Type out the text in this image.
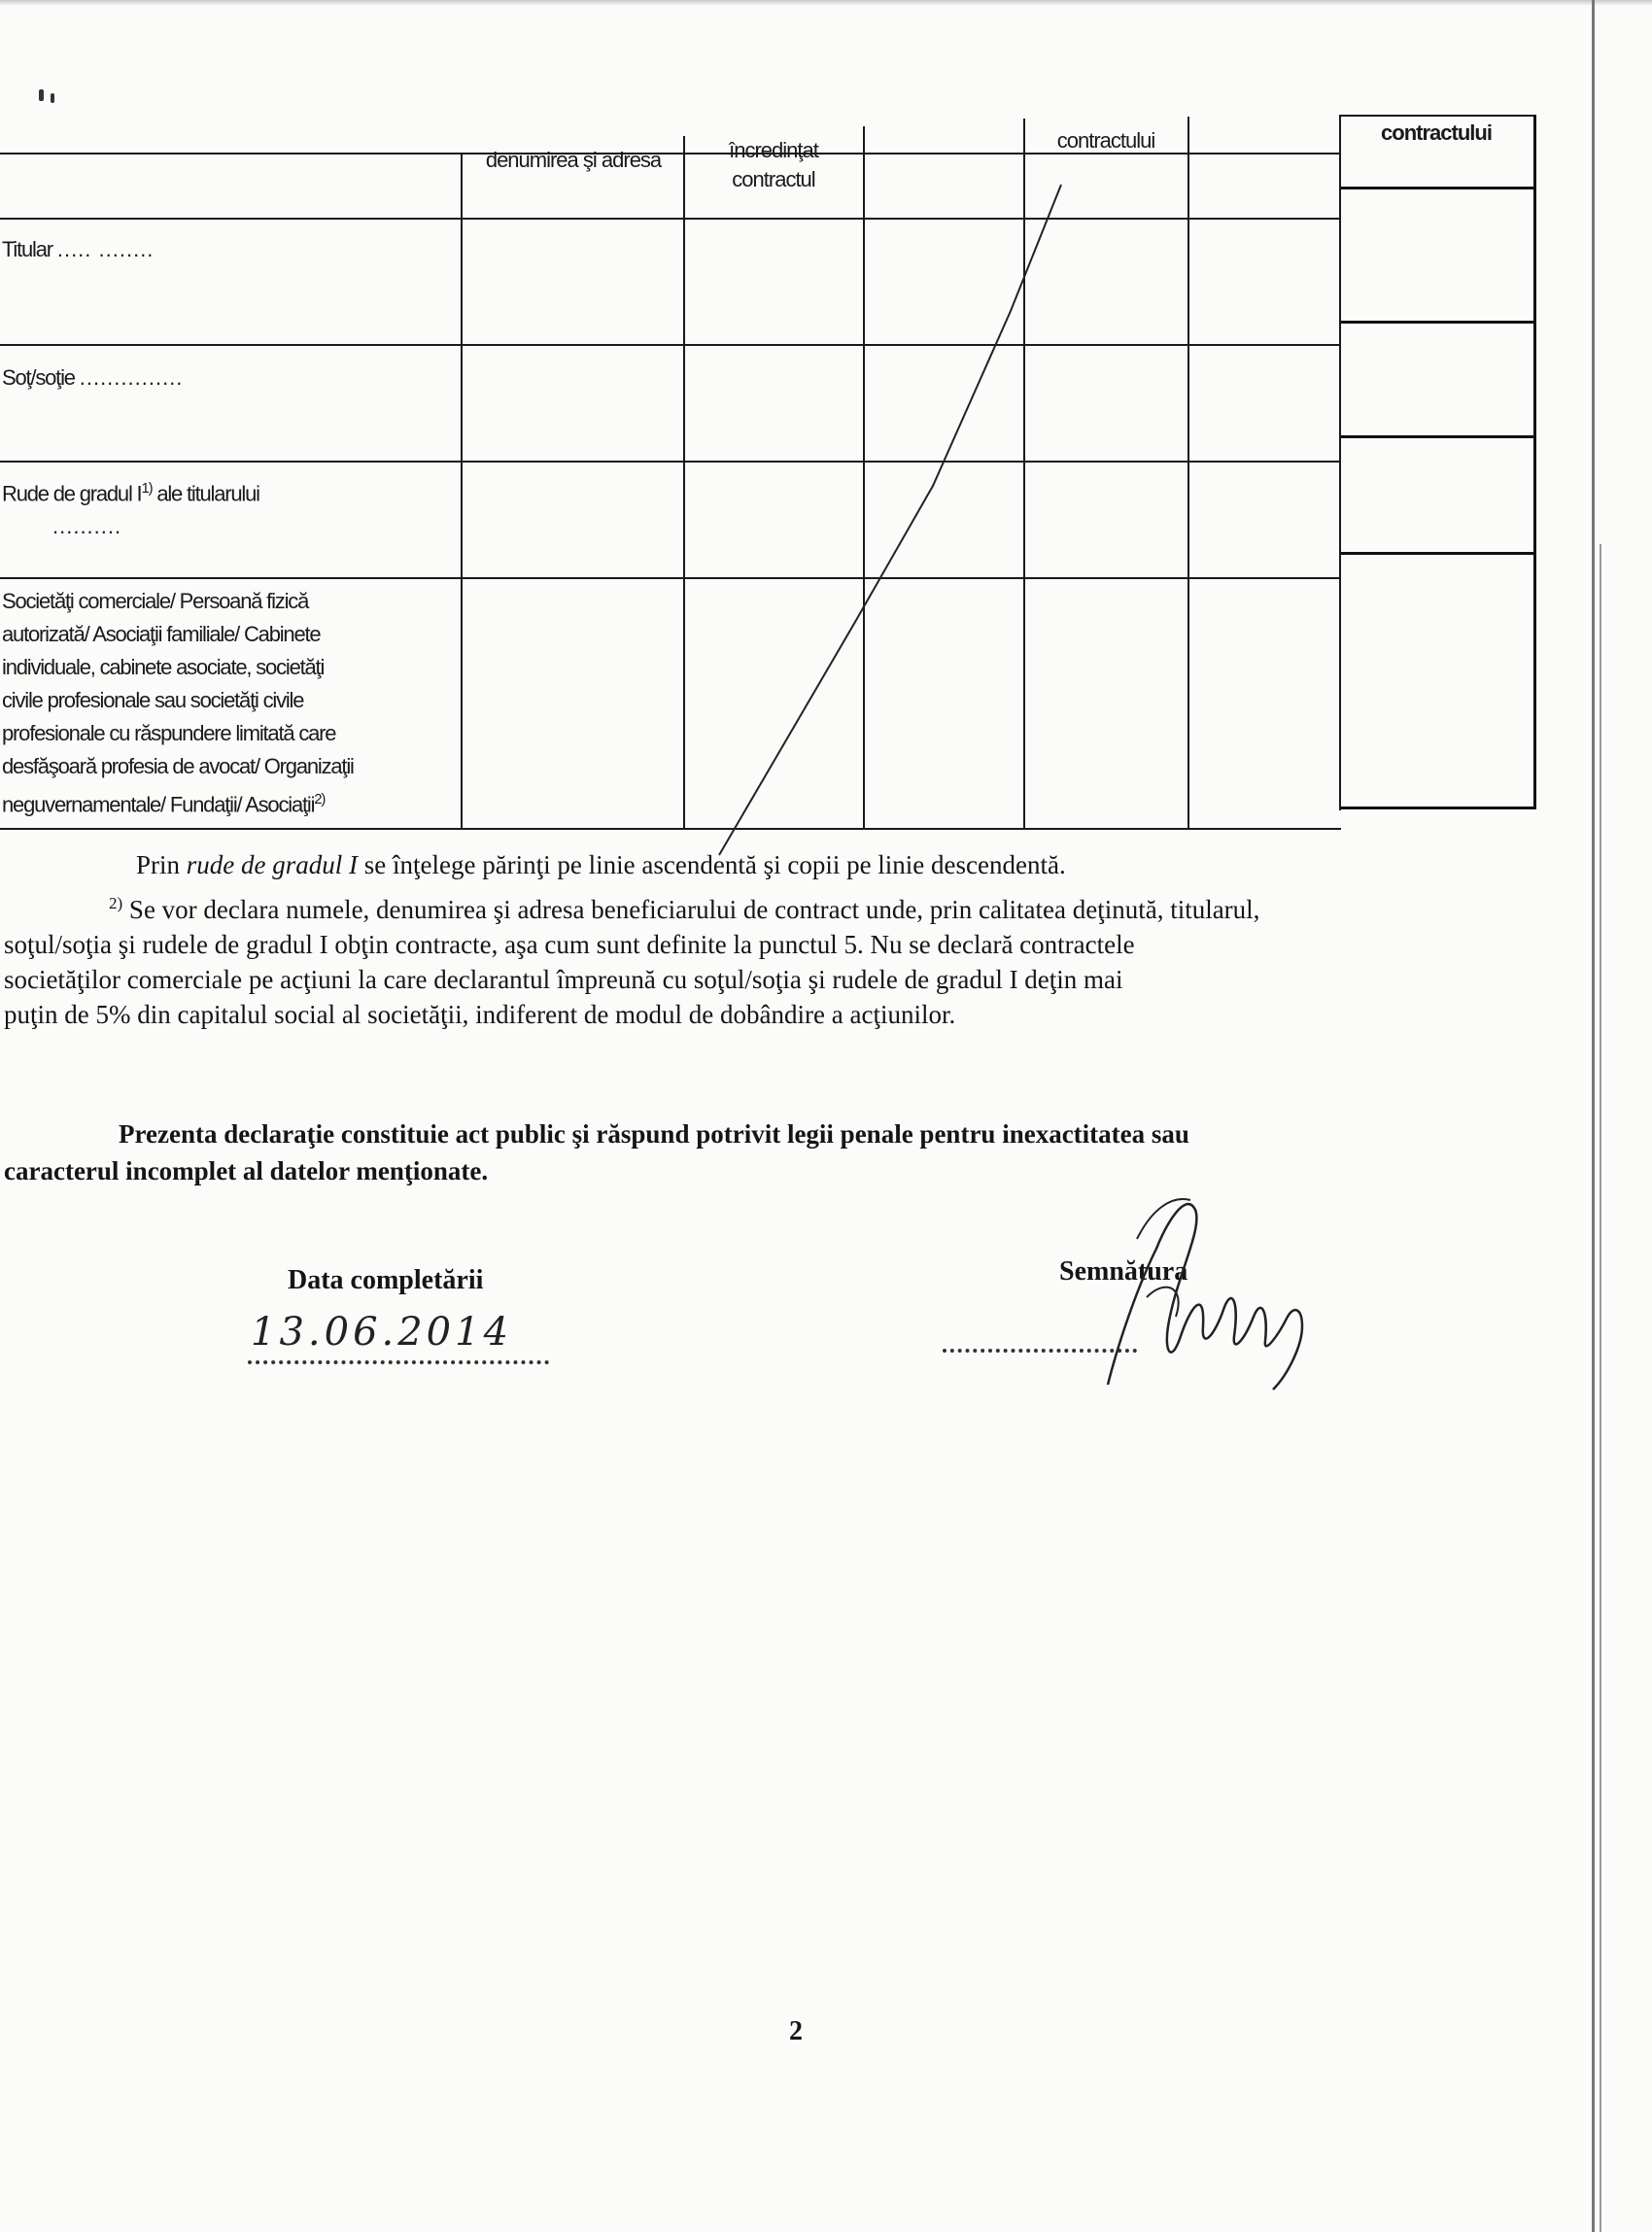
denumirea şi adresa	încredinţat contractul
contractului	contractului
Titular ..... ........
Soţ/soţie ...............
Rude de gradul $I^{1)}$ ale titularului
..........
Societăţi comerciale/ Persoană fizică
autorizată/ Asociaţii familiale/ Cabinete
individuale, cabinete asociate, societăţi
civile profesionale sau societăţi civile
profesionale cu răspundere limitată care
desfăşoară profesia de avocat/ Organizaţii
neguvernamentale/ Fundaţii/ Asociaţii$^{2)}$

Prin rude de gradul I se înţelege părinţi pe linie ascendentă şi copii pe linie descendentă.

$^{2)}$ Se vor declara numele, denumirea şi adresa beneficiarului de contract unde, prin calitatea deţinută, titularul,

soţul/soţia şi rudele de gradul I obţin contracte, aşa cum sunt definite la punctul 5. Nu se declară contractele

societăţilor comerciale pe acţiuni la care declarantul împreună cu soţul/soţia şi rudele de gradul I deţin mai

puţin de 5% din capitalul social al societăţii, indiferent de modul de dobândire a acţiunilor.

Prezenta declaraţie constituie act public şi răspund potrivit legii penale pentru inexactitatea sau

caracterul incomplet al datelor menţionate.

Data completării
13.06.2014
Semnătura
2
